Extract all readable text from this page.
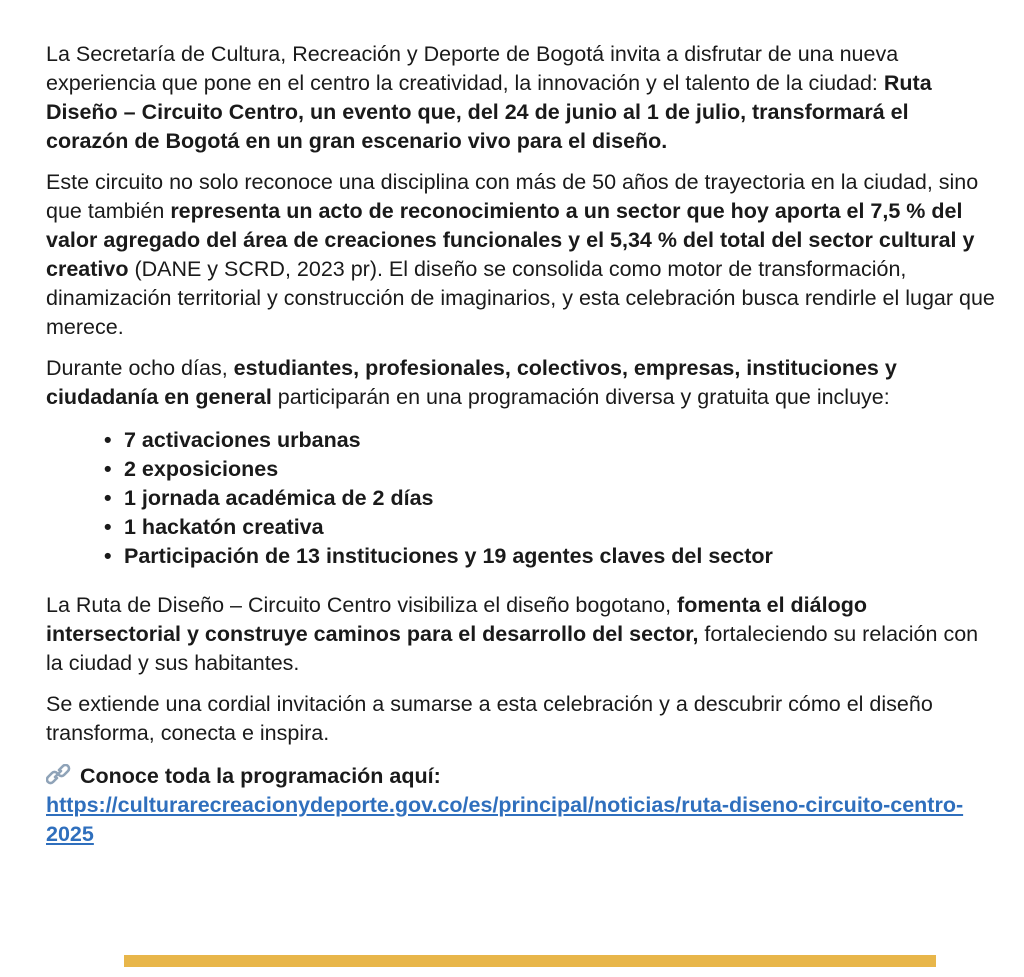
La Secretaría de Cultura, Recreación y Deporte de Bogotá invita a disfrutar de una nueva experiencia que pone en el centro la creatividad, la innovación y el talento de la ciudad: Ruta Diseño – Circuito Centro, un evento que, del 24 de junio al 1 de julio, transformará el corazón de Bogotá en un gran escenario vivo para el diseño.

Este circuito no solo reconoce una disciplina con más de 50 años de trayectoria en la ciudad, sino que también representa un acto de reconocimiento a un sector que hoy aporta el 7,5 % del valor agregado del área de creaciones funcionales y el 5,34 % del total del sector cultural y creativo (DANE y SCRD, 2023 pr). El diseño se consolida como motor de transformación, dinamización territorial y construcción de imaginarios, y esta celebración busca rendirle el lugar que merece.

Durante ocho días, estudiantes, profesionales, colectivos, empresas, instituciones y ciudadanía en general participarán en una programación diversa y gratuita que incluye:

• 7 activaciones urbanas
• 2 exposiciones
• 1 jornada académica de 2 días
• 1 hackatón creativa
• Participación de 13 instituciones y 19 agentes claves del sector

La Ruta de Diseño – Circuito Centro visibiliza el diseño bogotano, fomenta el diálogo intersectorial y construye caminos para el desarrollo del sector, fortaleciendo su relación con la ciudad y sus habitantes.

Se extiende una cordial invitación a sumarse a esta celebración y a descubrir cómo el diseño transforma, conecta e inspira.

Conoce toda la programación aquí: https://culturarecreacionydeporte.gov.co/es/principal/noticias/ruta-diseno-circuito-centro-2025
